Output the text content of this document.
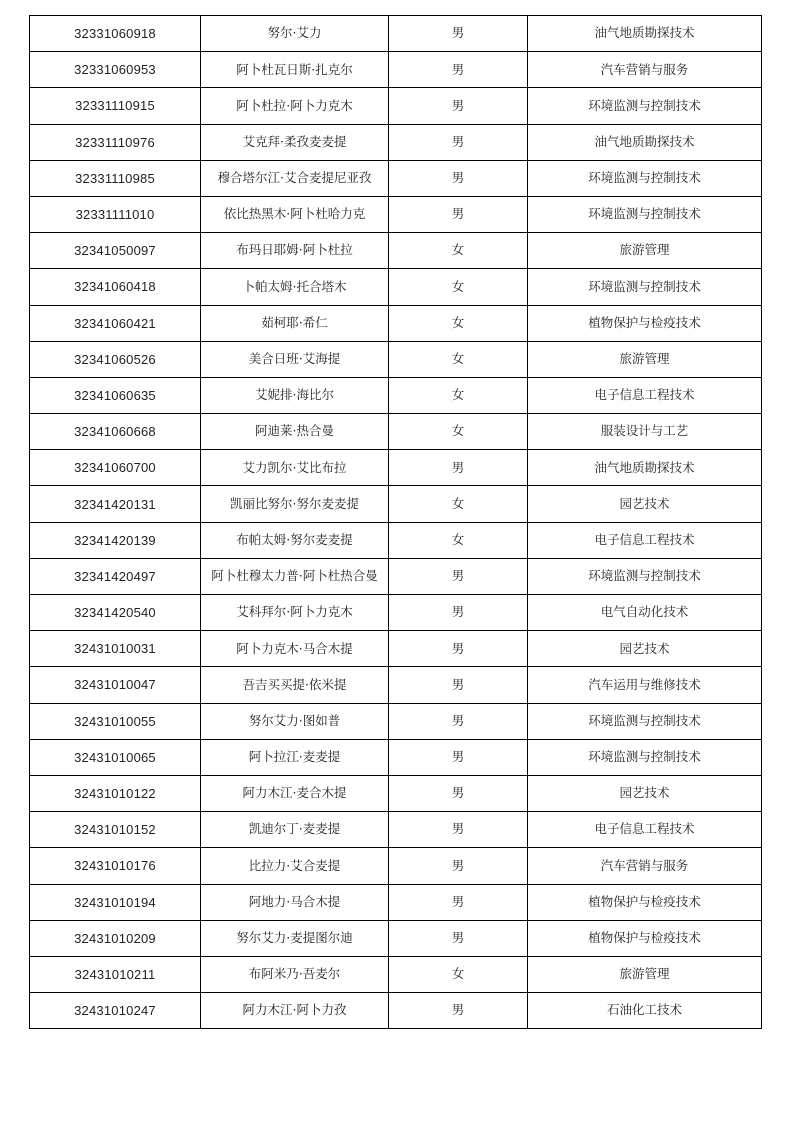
32331060918	努尔·艾力	男	油气地质勘探技术
32331060953	阿卜杜瓦日斯·扎克尔	男	汽车营销与服务
32331110915	阿卜杜拉·阿卜力克木	男	环境监测与控制技术
32331110976	艾克拜·柔孜麦麦提	男	油气地质勘探技术
32331110985	穆合塔尔江·艾合麦提尼亚孜	男	环境监测与控制技术
32331111010	依比热黑木·阿卜杜哈力克	男	环境监测与控制技术
32341050097	布玛日耶姆·阿卜杜拉	女	旅游管理
32341060418	卜帕太姆·托合塔木	女	环境监测与控制技术
32341060421	茹柯耶·希仁	女	植物保护与检疫技术
32341060526	美合日班·艾海提	女	旅游管理
32341060635	艾妮排·海比尔	女	电子信息工程技术
32341060668	阿迪莱·热合曼	女	服装设计与工艺
32341060700	艾力凯尔·艾比布拉	男	油气地质勘探技术
32341420131	凯丽比努尔·努尔麦麦提	女	园艺技术
32341420139	布帕太姆·努尔麦麦提	女	电子信息工程技术
32341420497	阿卜杜穆太力普·阿卜杜热合曼	男	环境监测与控制技术
32341420540	艾科拜尔·阿卜力克木	男	电气自动化技术
32431010031	阿卜力克木·马合木提	男	园艺技术
32431010047	吾吉买买提·依米提	男	汽车运用与维修技术
32431010055	努尔艾力·图如普	男	环境监测与控制技术
32431010065	阿卜拉江·麦麦提	男	环境监测与控制技术
32431010122	阿力木江·麦合木提	男	园艺技术
32431010152	凯迪尔丁·麦麦提	男	电子信息工程技术
32431010176	比拉力·艾合麦提	男	汽车营销与服务
32431010194	阿地力·马合木提	男	植物保护与检疫技术
32431010209	努尔艾力·麦提图尔迪	男	植物保护与检疫技术
32431010211	布阿米乃·吾麦尔	女	旅游管理
32431010247	阿力木江·阿卜力孜	男	石油化工技术
